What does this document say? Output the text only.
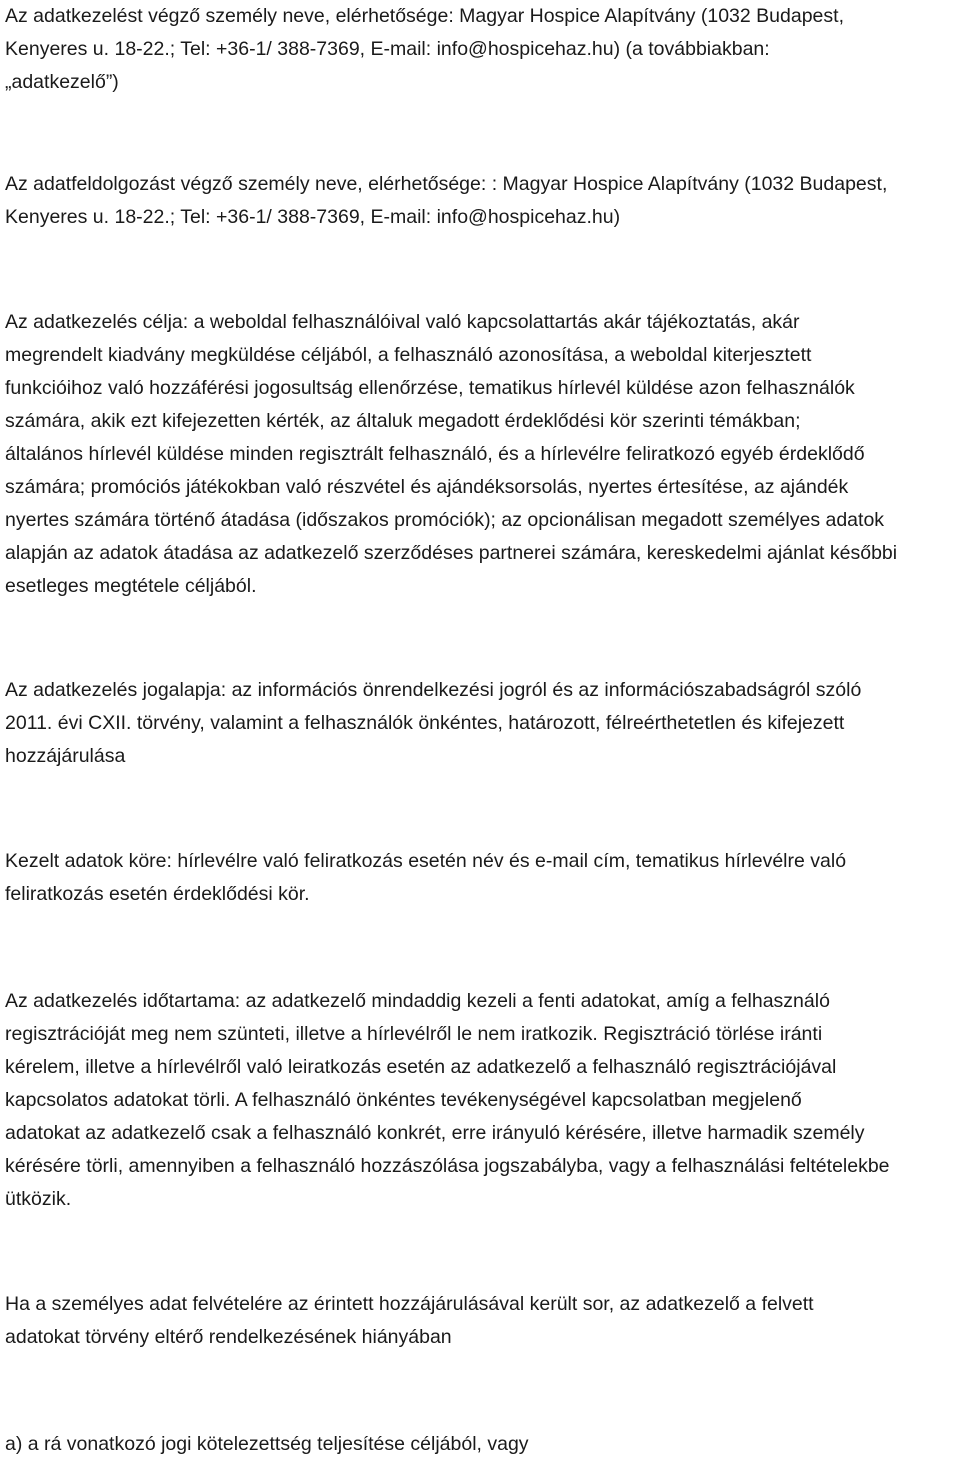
Az adatkezelést végző személy neve, elérhetősége: Magyar Hospice Alapítvány (1032 Budapest,
Kenyeres u. 18-22.; Tel: +36-1/ 388-7369, E-mail: info@hospicehaz.hu) (a továbbiakban:
„adatkezelő”)

Az adatfeldolgozást végző személy neve, elérhetősége: : Magyar Hospice Alapítvány (1032 Budapest,
Kenyeres u. 18-22.; Tel: +36-1/ 388-7369, E-mail: info@hospicehaz.hu)

Az adatkezelés célja: a weboldal felhasználóival való kapcsolattartás akár tájékoztatás, akár
megrendelt kiadvány megküldése céljából, a felhasználó azonosítása, a weboldal kiterjesztett
funkcióihoz való hozzáférési jogosultság ellenőrzése, tematikus hírlevél küldése azon felhasználók
számára, akik ezt kifejezetten kérték, az általuk megadott érdeklődési kör szerinti témákban;
általános hírlevél küldése minden regisztrált felhasználó, és a hírlevélre feliratkozó egyéb érdeklődő
számára; promóciós játékokban való részvétel és ajándéksorsolás, nyertes értesítése, az ajándék
nyertes számára történő átadása (időszakos promóciók); az opcionálisan megadott személyes adatok
alapján az adatok átadása az adatkezelő szerződéses partnerei számára, kereskedelmi ajánlat későbbi
esetleges megtétele céljából.

Az adatkezelés jogalapja: az információs önrendelkezési jogról és az információszabadságról szóló
2011. évi CXII. törvény, valamint a felhasználók önkéntes, határozott, félreérthetetlen és kifejezett
hozzájárulása

Kezelt adatok köre: hírlevélre való feliratkozás esetén név és e-mail cím, tematikus hírlevélre való
feliratkozás esetén érdeklődési kör.

Az adatkezelés időtartama: az adatkezelő mindaddig kezeli a fenti adatokat, amíg a felhasználó
regisztrációját meg nem szünteti, illetve a hírlevélről le nem iratkozik. Regisztráció törlése iránti
kérelem, illetve a hírlevélről való leiratkozás esetén az adatkezelő a felhasználó regisztrációjával
kapcsolatos adatokat törli. A felhasználó önkéntes tevékenységével kapcsolatban megjelenő
adatokat az adatkezelő csak a felhasználó konkrét, erre irányuló kérésére, illetve harmadik személy
kérésére törli, amennyiben a felhasználó hozzászólása jogszabályba, vagy a felhasználási feltételekbe
ütközik.

Ha a személyes adat felvételére az érintett hozzájárulásával került sor, az adatkezelő a felvett
adatokat törvény eltérő rendelkezésének hiányában

a) a rá vonatkozó jogi kötelezettség teljesítése céljából, vagy
